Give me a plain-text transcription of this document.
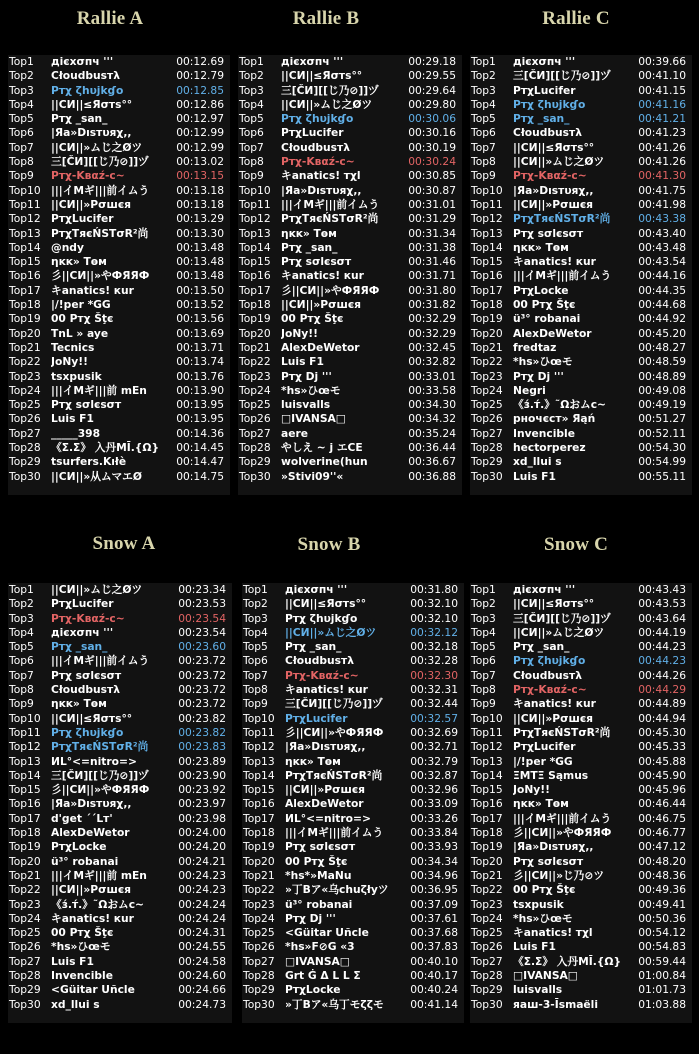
Rallie A	Rallie B	Rallie C
Top1 дієхσпч '''	00:12.69
Top2 Cłoudbusтλ	00:12.79
Top3 Pтχ ζhυjkɠo	00:12.85
Top4 ||CИ||≤Яσтs°°	00:12.86
Top5 Pтχ _san_	00:12.97
Top6 |Яa»Dıѕтυяχ,,	00:12.99
Top7 ||CИ||»ムじ之Øツ	00:12.99
Top8 三[ČИ][[じ乃⊘]]ヅ	00:13.02
Top9 Pтχ-Kвαź-c~	00:13.15
Top10 |||イMギ|||前イムう	00:13.18
Top11 ||CИ||»Pσшєя	00:13.18
Top12 PтχLucifer	00:13.29
Top13 PтχTяєŃSTσR²尚	00:13.30
Top14 @ndy	00:13.48
Top15 ηĸĸ» Tөм	00:13.48
Top16 彡||CИ||»やФЯЯФ	00:13.48
Top17 キanatics! кur	00:13.50
Top18 |/!per *GG	00:13.52
Top19 00 Pтχ Šţє	00:13.56
Top20 TnL » aye	00:13.69
Top21 Tecnics	00:13.71
Top22 JoNy!!	00:13.74
Top23 tsxpusik	00:13.76
Top24 |||イMギ|||前 mEn	00:13.90
Top25 Pтχ ѕσlєѕσт	00:13.95
Top26 Luis F1	00:13.95
Top27 _____398	00:14.36
Top28 《Σ.Σ》 入丹MĪ.{Ω}	00:14.45
Top29 tsurfers.Kıłè	00:14.47
Top30 ||CИ||»从ムマエØ	00:14.75
Top1 дієхσпч '''	00:29.18
Top2 ||CИ||≤Яσтs°°	00:29.55
Top3 三[ČИ][[じ乃⊘]]ヅ	00:29.64
Top4 ||CИ||»ムじ之Øツ	00:29.80
Top5 Pтχ ζhυjkɠo	00:30.06
Top6 PтχLucifer	00:30.16
Top7 Cłoudbusтλ	00:30.19
Top8 Pтχ-Kвαź-c~	00:30.24
Top9 キanatics! тχl	00:30.85
Top10 |Яa»Dıѕтυяχ,,	00:30.87
Top11 |||イMギ|||前イムう	00:31.01
Top12 PтχTяєŃSTσR²尚	00:31.29
Top13 ηĸĸ» Tөм	00:31.34
Top14 Pтχ _san_	00:31.38
Top15 Pтχ ѕσlєѕσт	00:31.46
Top16 キanatics! кur	00:31.71
Top17 彡||CИ||»やФЯЯФ	00:31.80
Top18 ||CИ||»Pσшєя	00:31.82
Top19 00 Pтχ Šţє	00:32.29
Top20 JoNy!!	00:32.29
Top21 AlexDeWetor	00:32.45
Top22 Luis F1	00:32.82
Top23 Pтχ Dj '''	00:33.01
Top24 *hs»ひœモ	00:33.58
Top25 luisvalls	00:34.30
Top26 □IVANSA□	00:34.32
Top27 aere	00:35.24
Top28 やしえ ~ j エCE	00:36.44
Top29 wolverine(hun	00:36.67
Top30 »Stivi09''«	00:36.88
Top1 дієхσпч '''	00:39.66
Top2 三[ČИ][[じ乃⊘]]ヅ	00:41.10
Top3 PтχLucifer	00:41.15
Top4 Pтχ ζhυjkɠo	00:41.16
Top5 Pтχ _san_	00:41.21
Top6 Cłoudbusтλ	00:41.23
Top7 ||CИ||≤Яσтs°°	00:41.26
Top8 ||CИ||»ムじ之Øツ	00:41.26
Top9 Pтχ-Kвαź-c~	00:41.30
Top10 |Яa»Dıѕтυяχ,,	00:41.75
Top11 ||CИ||»Pσшєя	00:41.98
Top12 PтχTяєŃSTσR²尚	00:43.38
Top13 Pтχ ѕσlєѕσт	00:43.40
Top14 ηĸĸ» Tөм	00:43.48
Top15 キanatics! кur	00:43.54
Top16 |||イMギ|||前イムう	00:44.16
Top17 PтχLocke	00:44.35
Top18 00 Pтχ Šţє	00:44.68
Top19 ü³° robanai	00:44.92
Top20 AlexDeWetor	00:45.20
Top21 fredtaz	00:48.27
Top22 *hs»ひœモ	00:48.59
Top23 Pтχ Dj '''	00:48.89
Top24 Negri	00:49.08
Top25 《з́.т́.》˜Ωおムc~	00:49.19
Top26 рнoчєст» Яąń	00:51.27
Top27 Invencible	00:52.11
Top28 hectorperez	00:54.30
Top29 xd_llui s	00:54.99
Top30 Luis F1	00:55.11
Snow A	Snow B	Snow C
Top1 ||CИ||»ムじ之Øツ	00:23.34
Top2 PтχLucifer	00:23.53
Top3 Pтχ-Kвαź-c~	00:23.54
Top4 дієхσпч '''	00:23.54
Top5 Pтχ _san_	00:23.60
Top6 |||イMギ|||前イムう	00:23.72
Top7 Pтχ ѕσlєѕσт	00:23.72
Top8 Cłoudbusтλ	00:23.72
Top9 ηĸĸ» Tөм	00:23.72
Top10 ||CИ||≤Яσтs°°	00:23.82
Top11 Pтχ ζhυjkɠo	00:23.82
Top12 PтχTяєŃSTσR²尚	00:23.83
Top13 ИL°<=nitro=>	00:23.89
Top14 三[ČИ][[じ乃⊘]]ヅ	00:23.90
Top15 彡||CИ||»やФЯЯФ	00:23.92
Top16 |Яa»Dıѕтυяχ,,	00:23.97
Top17 d'get ´´Lт'	00:23.98
Top18 AlexDeWetor	00:24.00
Top19 PтχLocke	00:24.20
Top20 ü³° robanai	00:24.21
Top21 |||イMギ|||前 mEn	00:24.23
Top22 ||CИ||»Pσшєя	00:24.23
Top23 《з́.т́.》˜Ωおムc~	00:24.24
Top24 キanatics! кur	00:24.24
Top25 00 Pтχ Šţє	00:24.31
Top26 *hs»ひœモ	00:24.55
Top27 Luis F1	00:24.58
Top28 Invencible	00:24.60
Top29 <Güitar Uñcle	00:24.66
Top30 xd_llui s	00:24.73
Top1 дієхσпч '''	00:31.80
Top2 ||CИ||≤Яσтs°°	00:32.10
Top3 Pтχ ζhυjkɠo	00:32.10
Top4 ||CИ||»ムじ之Øツ	00:32.12
Top5 Pтχ _san_	00:32.18
Top6 Cłoudbusтλ	00:32.28
Top7 Pтχ-Kвαź-c~	00:32.30
Top8 キanatics! кur	00:32.31
Top9 三[ČИ][[じ乃⊘]]ヅ	00:32.44
Top10 PтχLucifer	00:32.57
Top11 彡||CИ||»やФЯЯФ	00:32.69
Top12 |Яa»Dıѕтυяχ,,	00:32.71
Top13 ηĸĸ» Tөм	00:32.79
Top14 PтχTяєŃSTσR²尚	00:32.87
Top15 ||CИ||»Pσшєя	00:32.96
Top16 AlexDeWetor	00:33.09
Top17 ИL°<=nitro=>	00:33.26
Top18 |||イMギ|||前イムう	00:33.84
Top19 Pтχ ѕσlєѕσт	00:33.93
Top20 00 Pтχ Šţє	00:34.34
Top21 *hs*»MaNu	00:34.96
Top22 »丁Bア«乌сhuζłyツ	00:36.95
Top23 ü³° robanai	00:37.09
Top24 Pтχ Dj '''	00:37.61
Top25 <Güitar Uñcle	00:37.68
Top26 *hs»F⊘G «3	00:37.83
Top27 □IVANSA□	00:40.10
Top28 Grt Ġ Δ L L Σ	00:40.17
Top29 PтχLocke	00:40.24
Top30 »丁Bア«乌丁モζζモ	00:41.14
Top1 дієхσпч '''	00:43.43
Top2 ||CИ||≤Яσтs°°	00:43.53
Top3 三[ČИ][[じ乃⊘]]ヅ	00:43.64
Top4 ||CИ||»ムじ之Øツ	00:44.19
Top5 Pтχ _san_	00:44.23
Top6 Pтχ ζhυjkɠo	00:44.23
Top7 Cłoudbusтλ	00:44.26
Top8 Pтχ-Kвαź-c~	00:44.29
Top9 キanatics! кur	00:44.89
Top10 ||CИ||»Pσшєя	00:44.94
Top11 PтχTяєŃSTσR²尚	00:45.30
Top12 PтχLucifer	00:45.33
Top13 |/!per *GG	00:45.88
Top14 ΞMTΞ Sąmus	00:45.90
Top15 JoNy!!	00:45.96
Top16 ηĸĸ» Tөм	00:46.44
Top17 |||イMギ|||前イムう	00:46.75
Top18 彡||CИ||»やФЯЯФ	00:46.77
Top19 |Яa»Dıѕтυяχ,,	00:47.12
Top20 Pтχ ѕσlєѕσт	00:48.20
Top21 彡||CИ||»じ乃⊘ツ	00:48.36
Top22 00 Pтχ Šţє	00:49.36
Top23 tsxpusik	00:49.41
Top24 *hs»ひœモ	00:50.36
Top25 キanatics! тχl	00:54.12
Top26 Luis F1	00:54.83
Top27 《Σ.Σ》 入丹MĪ.{Ω}	00:59.44
Top28 □IVANSA□	01:00.84
Top29 luisvalls	01:01.73
Top30 яаш-3-Īsmaëli	01:03.88
